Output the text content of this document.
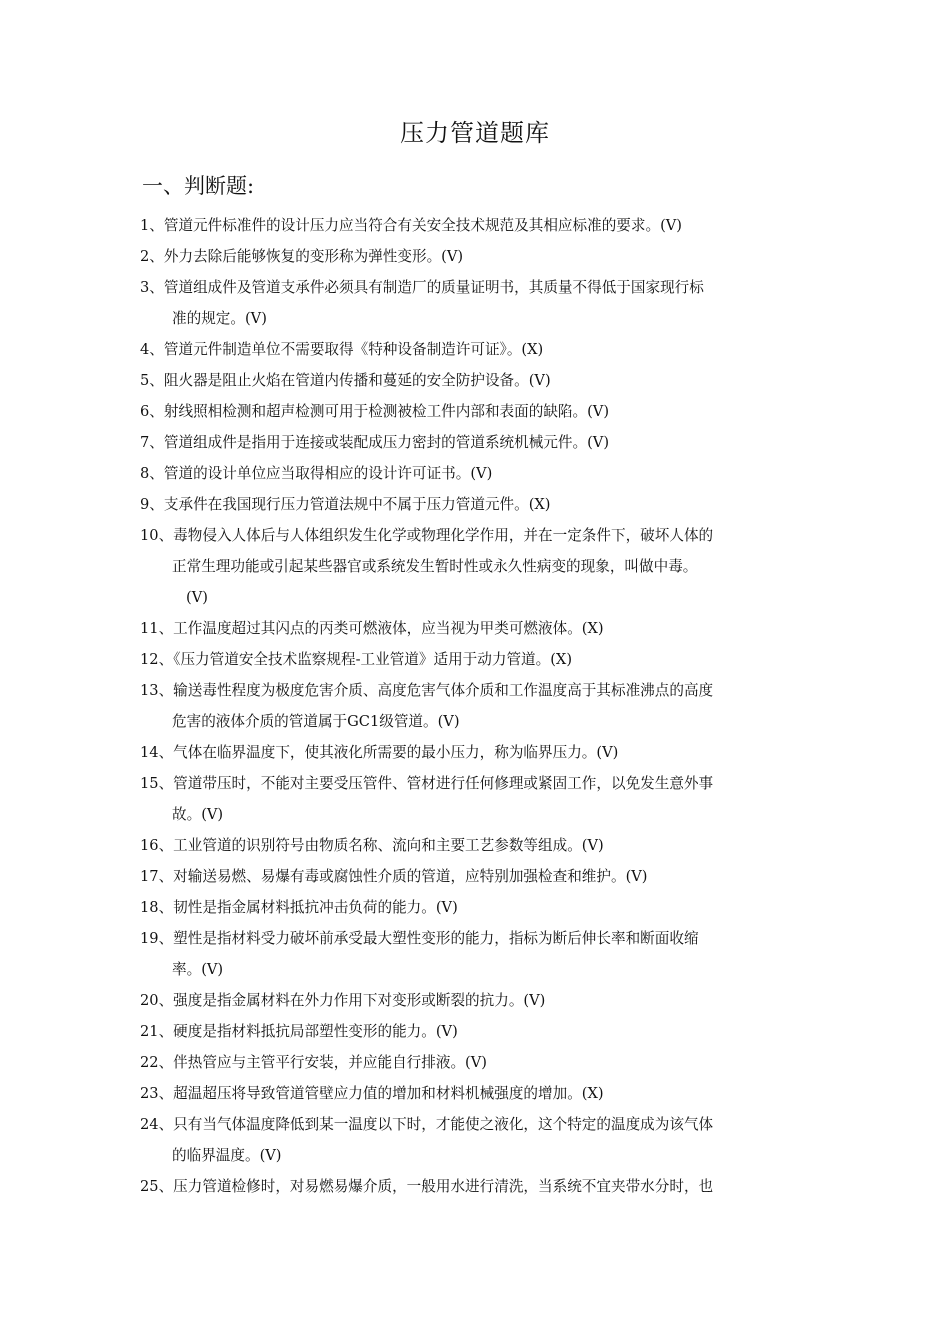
压力管道题库
一、判断题:
1、管道元件标准件的设计压力应当符合有关安全技术规范及其相应标准的要求。(V)
2、外力去除后能够恢复的变形称为弹性变形。(V)
3、管道组成件及管道支承件必须具有制造厂的质量证明书，其质量不得低于国家现行标
准的规定。(V)
4、管道元件制造单位不需要取得《特种设备制造许可证》。(X)
5、阻火器是阻止火焰在管道内传播和蔓延的安全防护设备。(V)
6、射线照相检测和超声检测可用于检测被检工件内部和表面的缺陷。(V)
7、管道组成件是指用于连接或装配成压力密封的管道系统机械元件。(V)
8、管道的设计单位应当取得相应的设计许可证书。(V)
9、支承件在我国现行压力管道法规中不属于压力管道元件。(X)
10、毒物侵入人体后与人体组织发生化学或物理化学作用，并在一定条件下，破坏人体的
正常生理功能或引起某些器官或系统发生暂时性或永久性病变的现象，叫做中毒。
(V)
11、工作温度超过其闪点的丙类可燃液体，应当视为甲类可燃液体。(X)
12、《压力管道安全技术监察规程-工业管道》适用于动力管道。(X)
13、输送毒性程度为极度危害介质、高度危害气体介质和工作温度高于其标准沸点的高度
危害的液体介质的管道属于GC1级管道。(V)
14、气体在临界温度下，使其液化所需要的最小压力，称为临界压力。(V)
15、管道带压时，不能对主要受压管件、管材进行任何修理或紧固工作，以免发生意外事
故。(V)
16、工业管道的识别符号由物质名称、流向和主要工艺参数等组成。(V)
17、对输送易燃、易爆有毒或腐蚀性介质的管道，应特别加强检查和维护。(V)
18、韧性是指金属材料抵抗冲击负荷的能力。(V)
19、塑性是指材料受力破坏前承受最大塑性变形的能力，指标为断后伸长率和断面收缩
率。(V)
20、强度是指金属材料在外力作用下对变形或断裂的抗力。(V)
21、硬度是指材料抵抗局部塑性变形的能力。(V)
22、伴热管应与主管平行安装，并应能自行排液。(V)
23、超温超压将导致管道管壁应力值的增加和材料机械强度的增加。(X)
24、只有当气体温度降低到某一温度以下时，才能使之液化，这个特定的温度成为该气体
的临界温度。(V)
25、压力管道检修时，对易燃易爆介质，一般用水进行清洗，当系统不宜夹带水分时，也
